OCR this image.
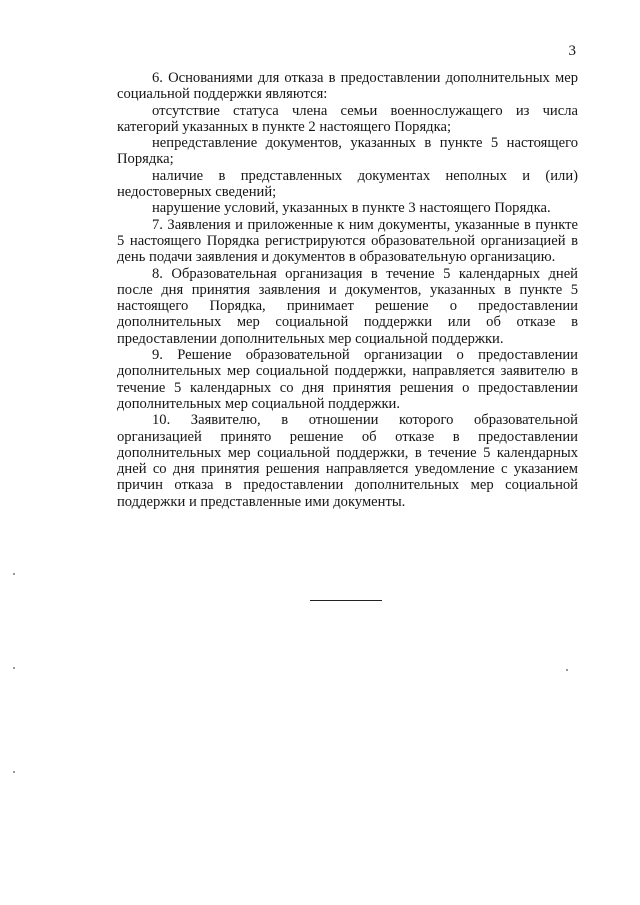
3

6. Основаниями для отказа в предоставлении дополнительных мер социальной поддержки являются:

отсутствие статуса члена семьи военнослужащего из числа категорий указанных в пункте 2 настоящего Порядка;

непредставление документов, указанных в пункте 5 настоящего Порядка;

наличие в представленных документах неполных и (или) недостоверных сведений;

нарушение условий, указанных в пункте 3 настоящего Порядка.

7. Заявления и приложенные к ним документы, указанные в пункте 5 настоящего Порядка регистрируются образовательной организацией в день подачи заявления и документов в образовательную организацию.

8. Образовательная организация в течение 5 календарных дней после дня принятия заявления и документов, указанных в пункте 5 настоящего Порядка, принимает решение о предоставлении дополнительных мер социальной поддержки или об отказе в предоставлении дополнительных мер социальной поддержки.

9. Решение образовательной организации о предоставлении дополнительных мер социальной поддержки, направляется заявителю в течение 5 календарных со дня принятия решения о предоставлении дополнительных мер социальной поддержки.

10. Заявителю, в отношении которого образовательной организацией принято решение об отказе в предоставлении дополнительных мер социальной поддержки, в течение 5 календарных дней со дня принятия решения направляется уведомление с указанием причин отказа в предоставлении дополнительных мер социальной поддержки и представленные ими документы.
